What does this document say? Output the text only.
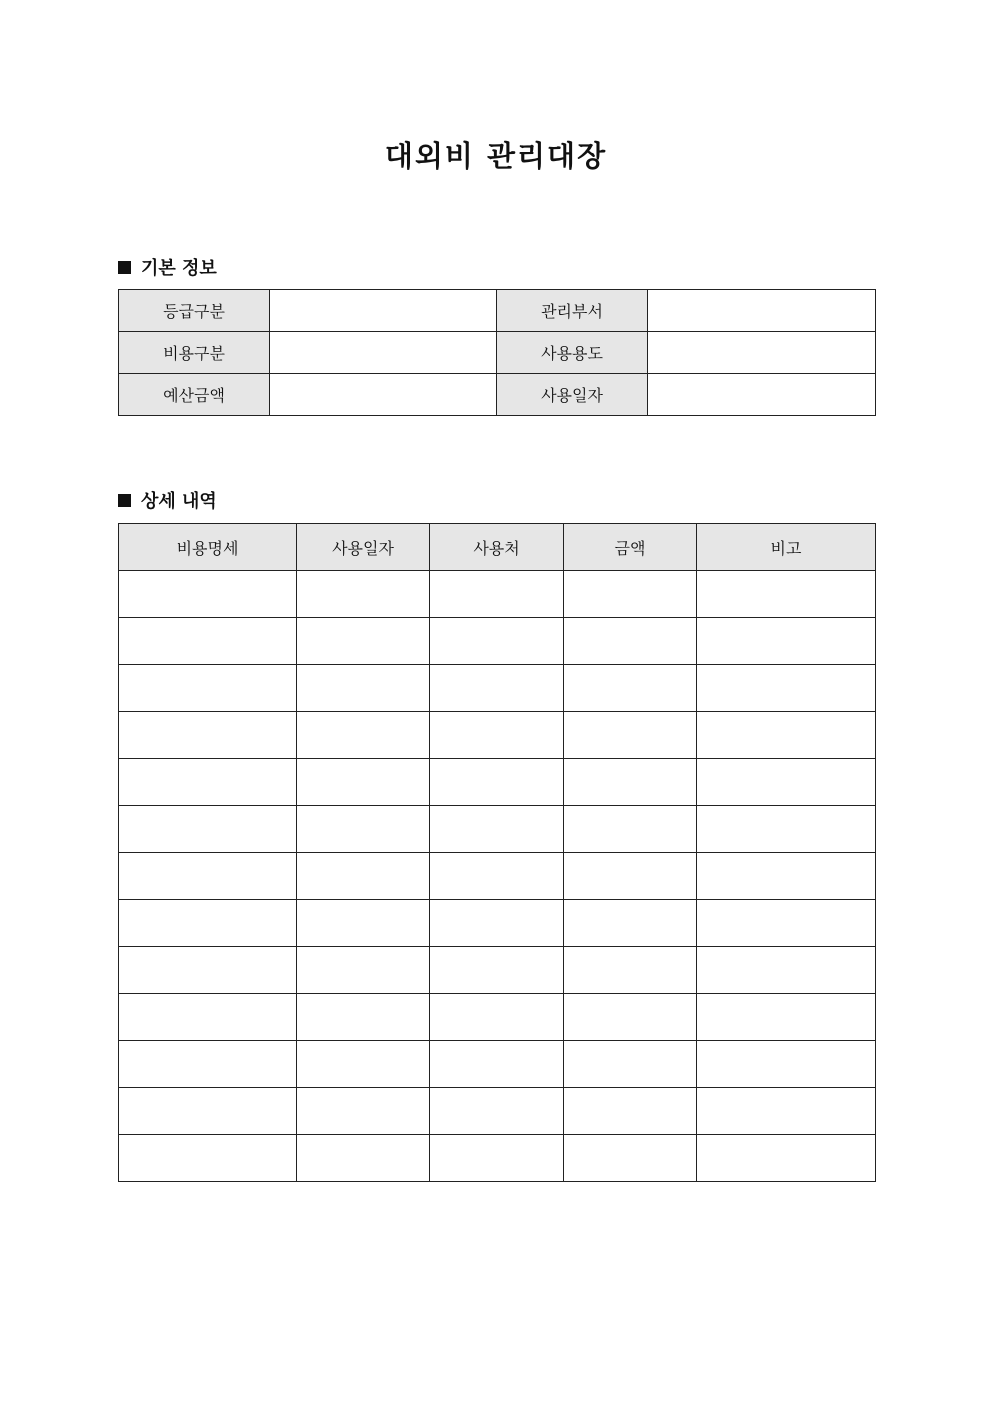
대외비 관리대장
기본 정보
등급구분		관리부서	
비용구분		사용용도	
예산금액		사용일자	
상세 내역
비용명세	사용일자	사용처	금액	비고
